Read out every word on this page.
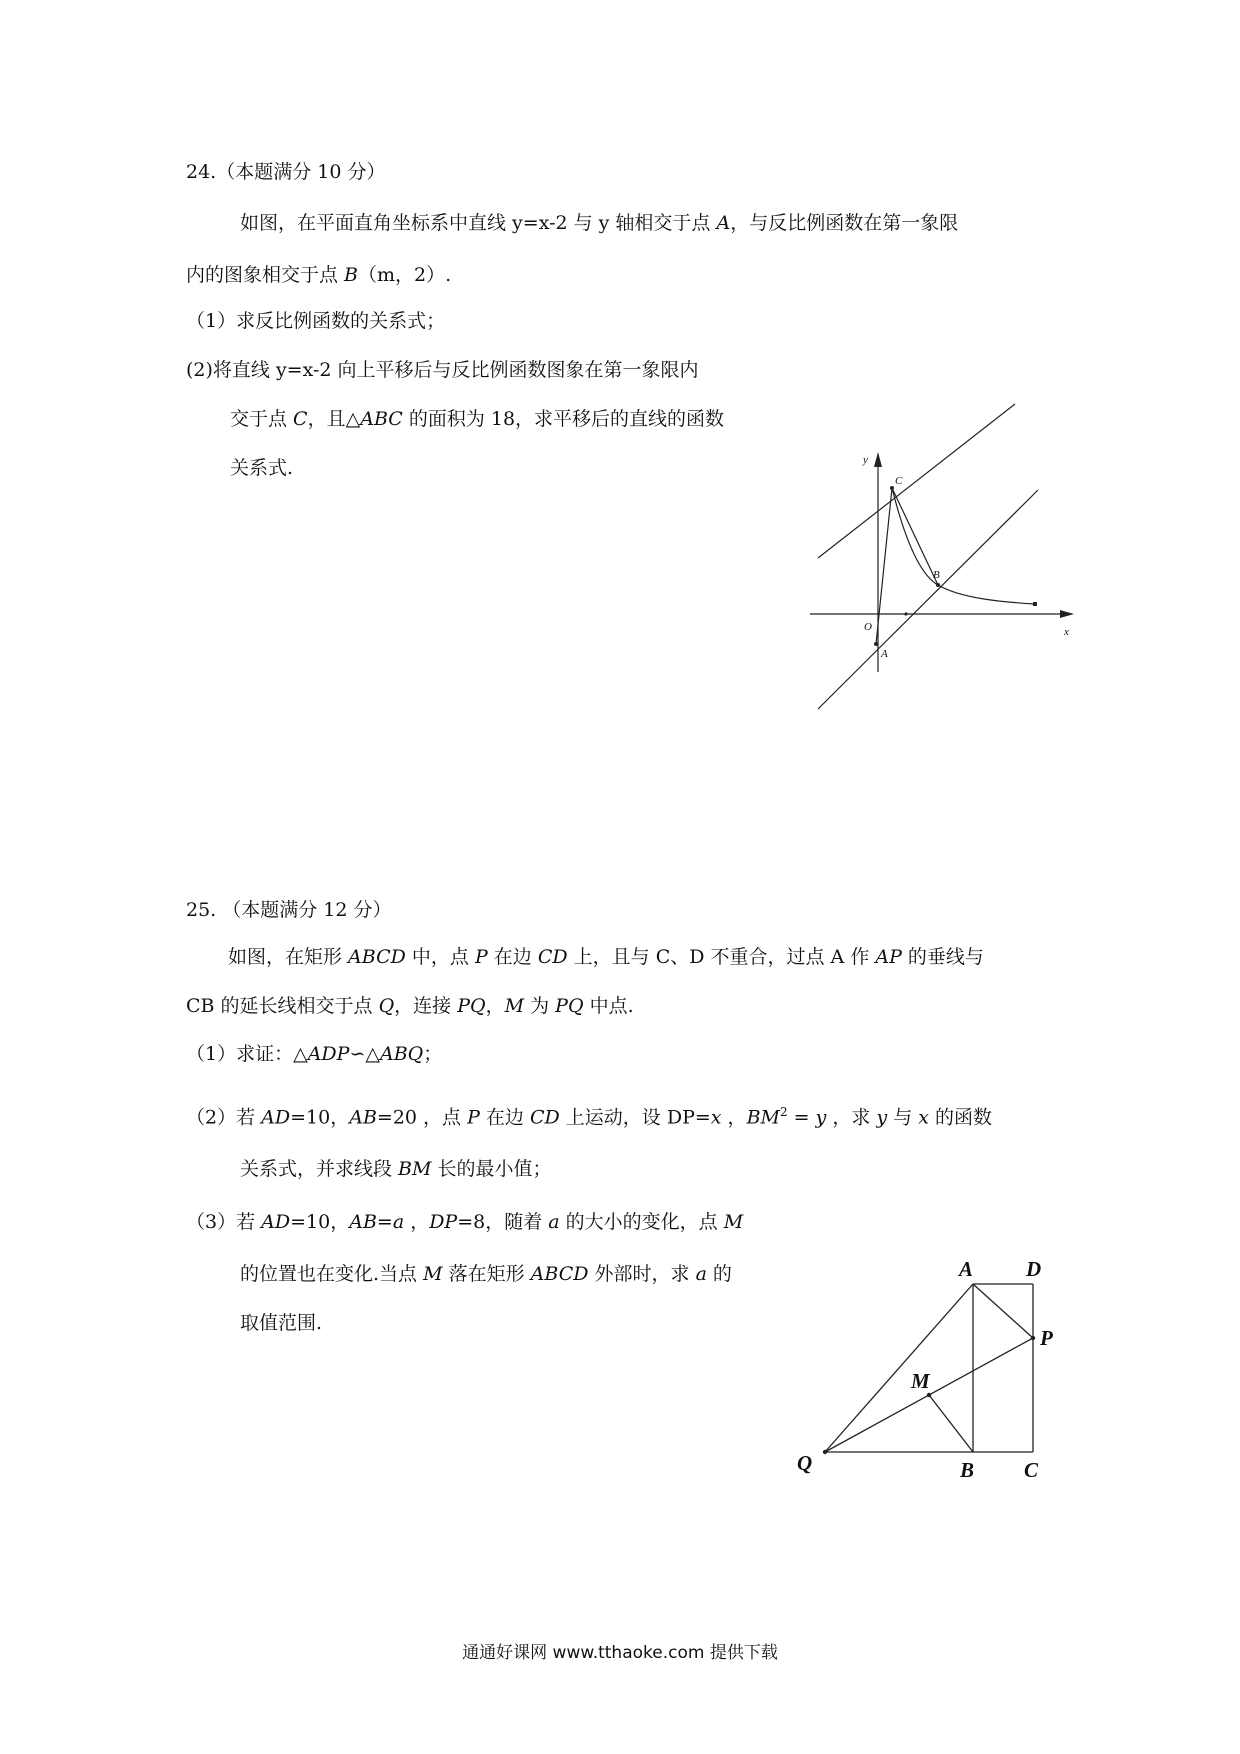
24.（本题满分 10 分）
如图，在平面直角坐标系中直线 y=x-2 与 y 轴相交于点 A，与反比例函数在第一象限
内的图象相交于点 B（m，2）.
（1）求反比例函数的关系式；
(2)将直线 y=x-2 向上平移后与反比例函数图象在第一象限内
交于点 C，且△ABC 的面积为 18，求平移后的直线的函数
关系式.	y
x
O
A
B
C
25. （本题满分 12 分）
如图，在矩形 ABCD 中，点 P 在边 CD 上，且与 C、D 不重合，过点 A 作 AP 的垂线与
CB 的延长线相交于点 Q，连接 PQ，M 为 PQ 中点.
（1）求证：△ADP∽△ABQ；
（2）若 AD=10，AB=20 ，点 P 在边 CD 上运动，设 DP=x ，$BM^2 = y$ ，求 y 与 x 的函数
关系式，并求线段 BM 长的最小值；
（3）若 AD=10，AB=a ，DP=8，随着 a 的大小的变化，点 M
的位置也在变化.当点 M 落在矩形 ABCD 外部时，求 a 的
取值范围.
A	D
P
M
Q	B C
通通好课网 www.tthaoke.com 提供下载
